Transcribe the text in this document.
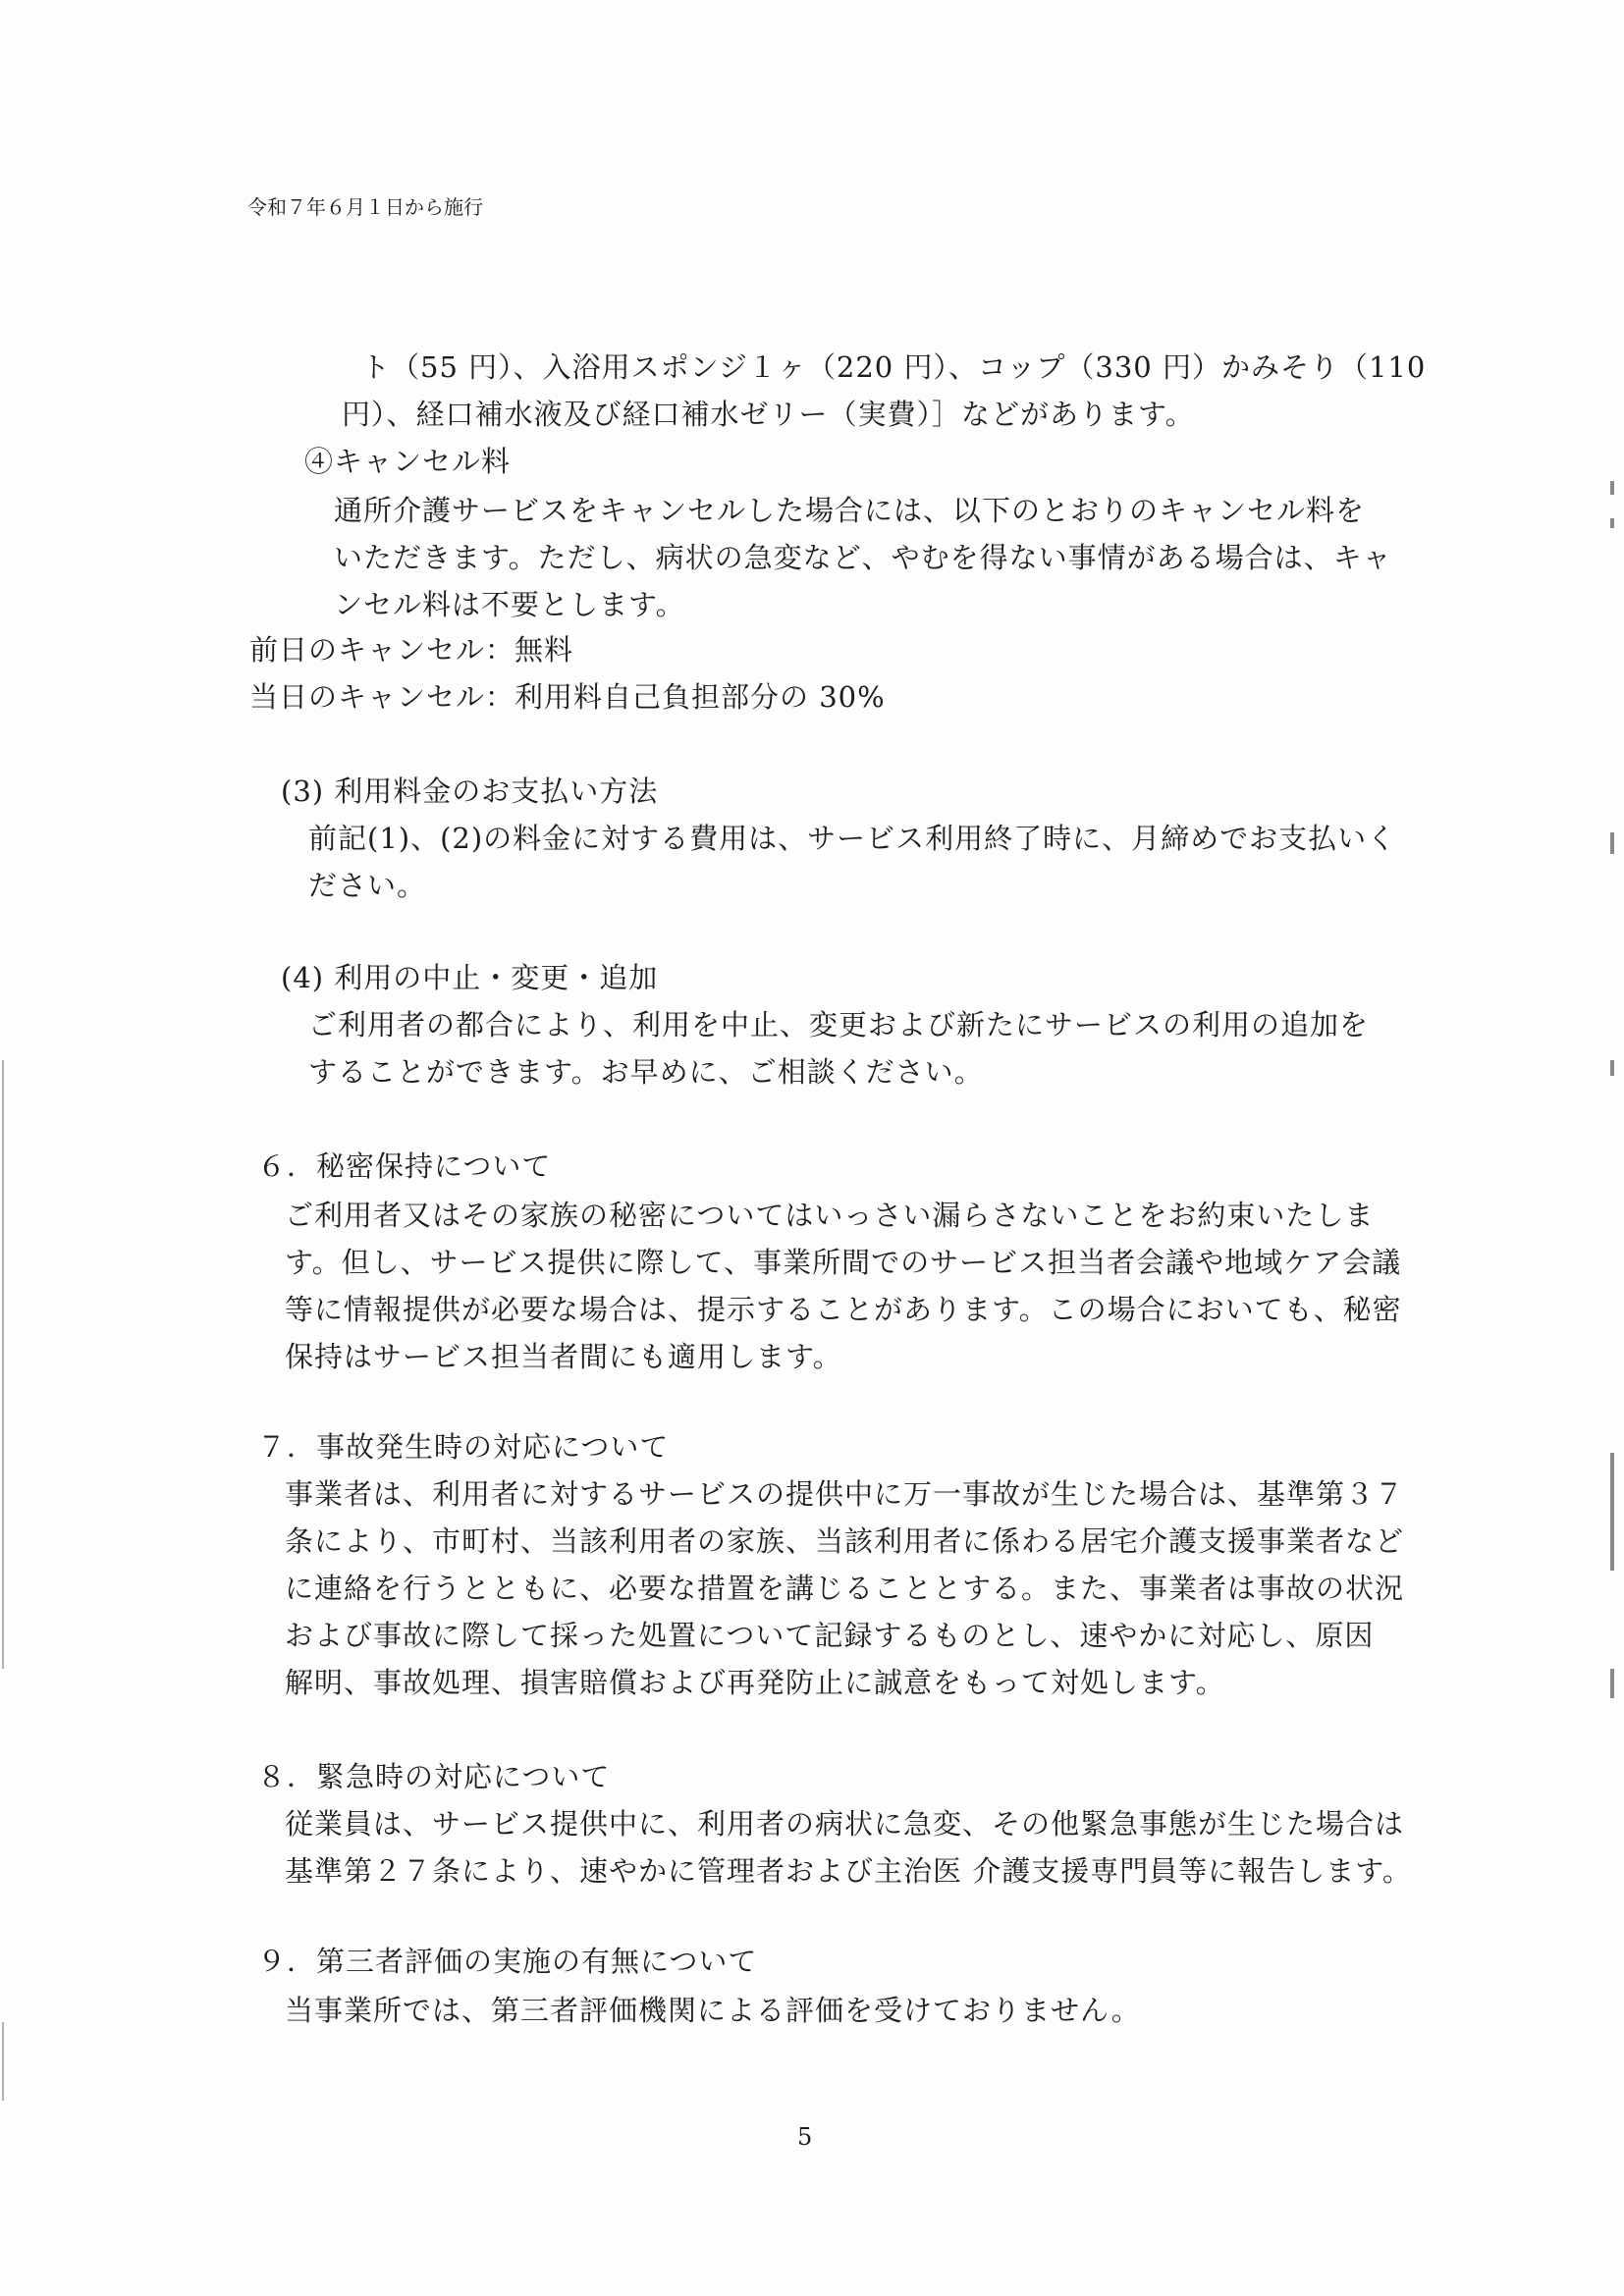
令和７年６月１日から施行
ト（55 円）、入浴用スポンジ１ヶ（220 円）、コップ（330 円）かみそり（110
円）、経口補水液及び経口補水ゼリー（実費）］などがあります。
④キャンセル料
通所介護サービスをキャンセルした場合には、以下のとおりのキャンセル料を
いただきます。ただし、病状の急変など、やむを得ない事情がある場合は、キャ
ンセル料は不要とします。
前日のキャンセル：無料
当日のキャンセル：利用料自己負担部分の 30%
(3) 利用料金のお支払い方法
前記(1)、(2)の料金に対する費用は、サービス利用終了時に、月締めでお支払いく
ださい。
(4) 利用の中止・変更・追加
ご利用者の都合により、利用を中止、変更および新たにサービスの利用の追加を
することができます。お早めに、ご相談ください。
６．秘密保持について
ご利用者又はその家族の秘密についてはいっさい漏らさないことをお約束いたしま
す。但し、サービス提供に際して、事業所間でのサービス担当者会議や地域ケア会議
等に情報提供が必要な場合は、提示することがあります。この場合においても、秘密
保持はサービス担当者間にも適用します。
７．事故発生時の対応について
事業者は、利用者に対するサービスの提供中に万一事故が生じた場合は、基準第３７
条により、市町村、当該利用者の家族、当該利用者に係わる居宅介護支援事業者など
に連絡を行うとともに、必要な措置を講じることとする。また、事業者は事故の状況
および事故に際して採った処置について記録するものとし、速やかに対応し、原因
解明、事故処理、損害賠償および再発防止に誠意をもって対処します。
８．緊急時の対応について
従業員は、サービス提供中に、利用者の病状に急変、その他緊急事態が生じた場合は
基準第２７条により、速やかに管理者および主治医 介護支援専門員等に報告します。
９．第三者評価の実施の有無について
当事業所では、第三者評価機関による評価を受けておりません。
5
